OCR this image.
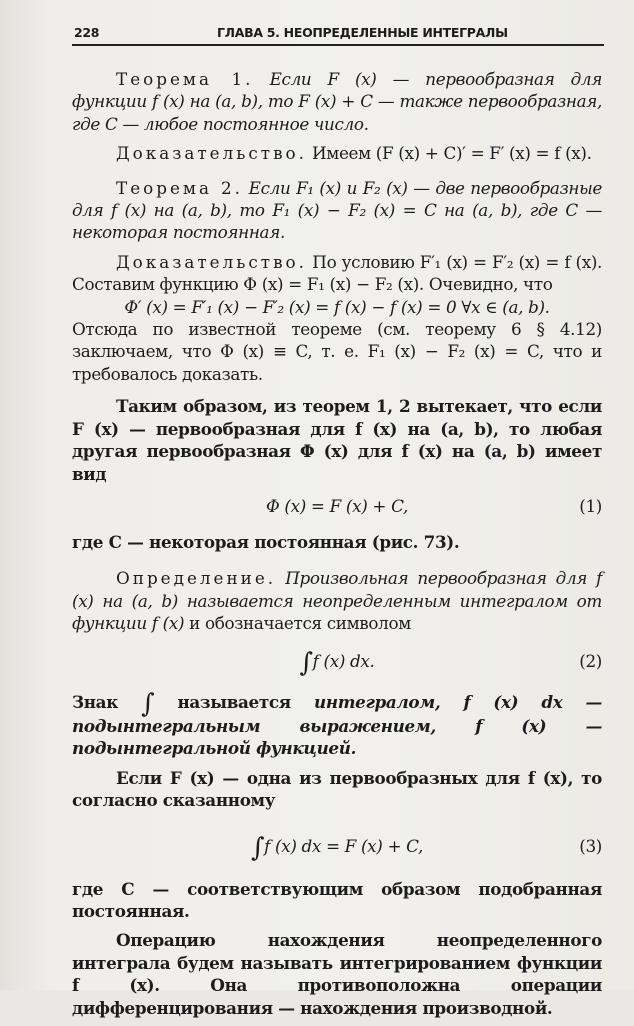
228	ГЛАВА 5. НЕОПРЕДЕЛЕННЫЕ ИНТЕГРАЛЫ

Теорема 1. Если F (x) — первообразная для функции f (x) на (a, b), то F (x) + C — также первообразная, где C — любое постоянное число.

Доказательство. Имеем (F (x) + C)′ = F′ (x) = f (x).

Теорема 2. Если F₁ (x) и F₂ (x) — две первообразные для f (x) на (a, b), то F₁ (x) − F₂ (x) = C на (a, b), где C — некоторая постоянная.

Доказательство. По условию F′₁ (x) = F′₂ (x) = f (x). Составим функцию Φ (x) = F₁ (x) − F₂ (x). Очевидно, что

Φ′ (x) = F′₁ (x) − F′₂ (x) = f (x) − f (x) = 0 ∀x ∈ (a, b).

Отсюда по известной теореме (см. теорему 6 § 4.12) заключаем, что Φ (x) ≡ C, т. е. F₁ (x) − F₂ (x) = C, что и требовалось доказать.

Таким образом, из теорем 1, 2 вытекает, что если F (x) — первообразная для f (x) на (a, b), то любая другая первообразная Φ (x) для f (x) на (a, b) имеет вид

Φ (x) = F (x) + C,	(1)

где C — некоторая постоянная (рис. 73).

Определение. Произвольная первообразная для f (x) на (a, b) называется неопределенным интегралом от функции f (x) и обозначается символом

∫f (x) dx.	(2)

Знак ∫ называется интегралом, f (x) dx — подынтегральным выражением, f (x) — подынтегральной функцией.

Если F (x) — одна из первообразных для f (x), то согласно сказанному

∫f (x) dx = F (x) + C,	(3)

где C — соответствующим образом подобранная постоянная.

Операцию нахождения неопределенного интеграла будем называть интегрированием функции f (x). Она противоположна операции дифференцирования — нахождения производной.
